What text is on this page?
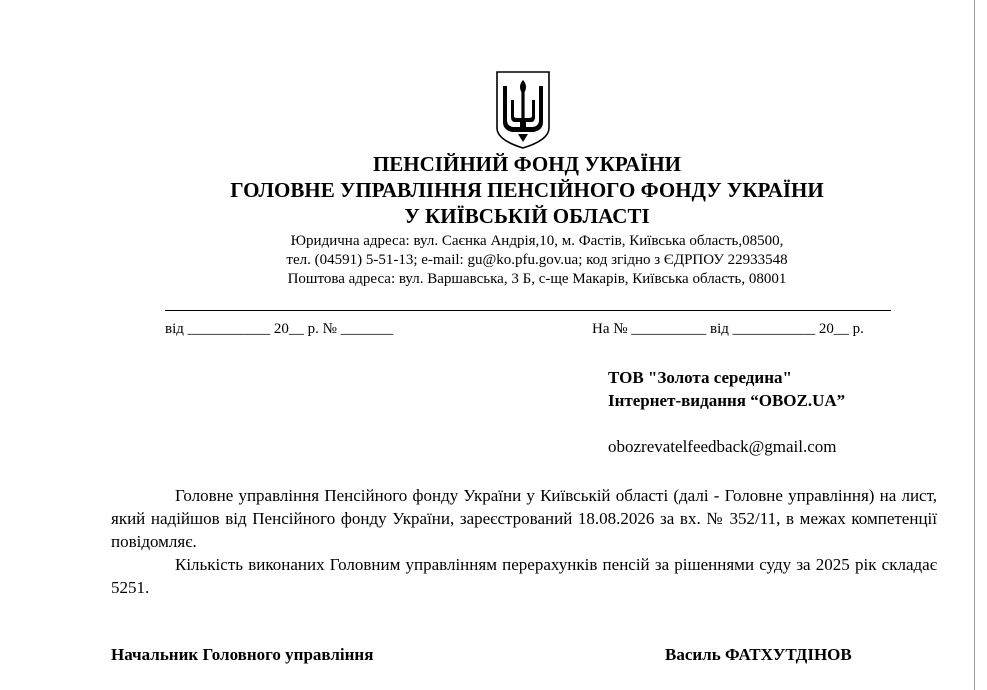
ПЕНСІЙНИЙ ФОНД УКРАЇНИ
ГОЛОВНЕ УПРАВЛІННЯ ПЕНСІЙНОГО ФОНДУ УКРАЇНИ
У КИЇВСЬКІЙ ОБЛАСТІ
Юридична адреса: вул. Саєнка Андрія,10, м. Фастів, Київська область,08500,
тел. (04591) 5-51-13; e-mail: gu@ko.pfu.gov.ua; код згідно з ЄДРПОУ 22933548
Поштова адреса: вул. Варшавська, 3 Б, с-ще Макарів, Київська область, 08001
від ___________ 20__ р. № _______	На № __________ від ___________ 20__ р.
ТОВ "Золота середина"
Інтернет-видання “OBOZ.UA”
obozrevatelfeedback@gmail.com

Головне управління Пенсійного фонду України у Київській області (далі - Головне управління) на лист, який надійшов від Пенсійного фонду України, зареєстрований 18.08.2026 за вх. № 352/11, в межах компетенції повідомляє.

Кількість виконаних Головним управлінням перерахунків пенсій за рішеннями суду за 2025 рік складає 5251.

Начальник Головного управління	Василь ФАТХУТДІНОВ
